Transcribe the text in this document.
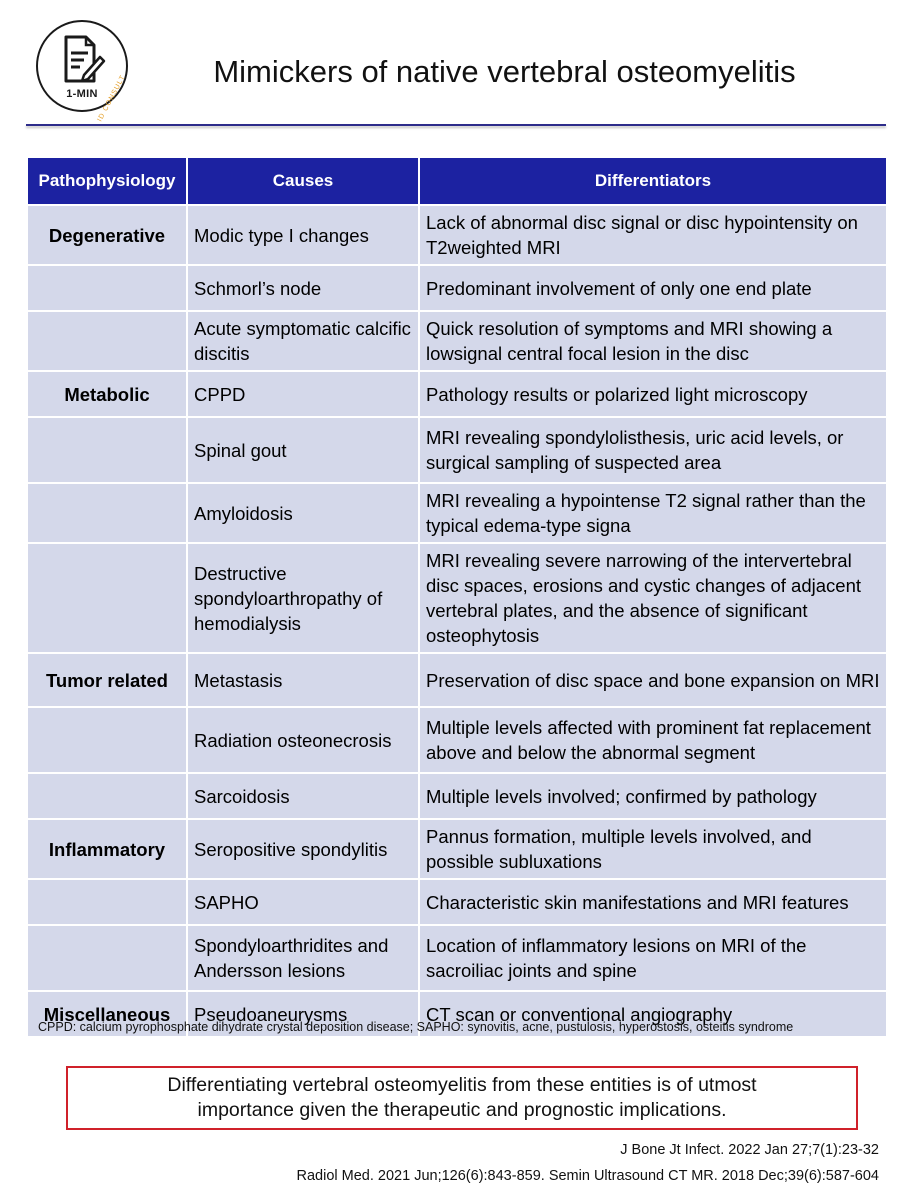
1-MIN
ID CONSULT
Mimickers of native vertebral osteomyelitis
Pathophysiology	Causes	Differentiators
Degenerative	Modic type I changes	Lack of abnormal disc signal or disc hypointensity on T2weighted MRI
	Schmorl’s node	Predominant involvement of only one end plate
	Acute symptomatic calcific discitis	Quick resolution of symptoms and MRI showing a lowsignal central focal lesion in the disc
Metabolic	CPPD	Pathology results or polarized light microscopy
	Spinal gout	MRI revealing spondylolisthesis, uric acid levels, or surgical sampling of suspected area
	Amyloidosis	MRI revealing a hypointense T2 signal rather than the typical edema-type signa
	Destructive spondyloarthropathy of hemodialysis	MRI revealing severe narrowing of the intervertebral disc spaces, erosions and cystic changes of adjacent vertebral plates, and the absence of significant osteophytosis
Tumor related	Metastasis	Preservation of disc space and bone expansion on MRI
	Radiation osteonecrosis	Multiple levels affected with prominent fat replacement above and below the abnormal segment
	Sarcoidosis	Multiple levels involved; confirmed by pathology
Inflammatory	Seropositive spondylitis	Pannus formation, multiple levels involved, and possible subluxations
	SAPHO	Characteristic skin manifestations and MRI features
	Spondyloarthridites and Andersson lesions	Location of inflammatory lesions on MRI of the sacroiliac joints and spine
Miscellaneous	Pseudoaneurysms	CT scan or conventional angiography
CPPD: calcium pyrophosphate dihydrate crystal deposition disease; SAPHO: synovitis, acne, pustulosis, hyperostosis, osteitis syndrome
Differentiating vertebral osteomyelitis from these entities is of utmost
importance given the therapeutic and prognostic implications.
J Bone Jt Infect. 2022 Jan 27;7(1):23-32
Radiol Med. 2021 Jun;126(6):843-859. Semin Ultrasound CT MR. 2018 Dec;39(6):587-604
